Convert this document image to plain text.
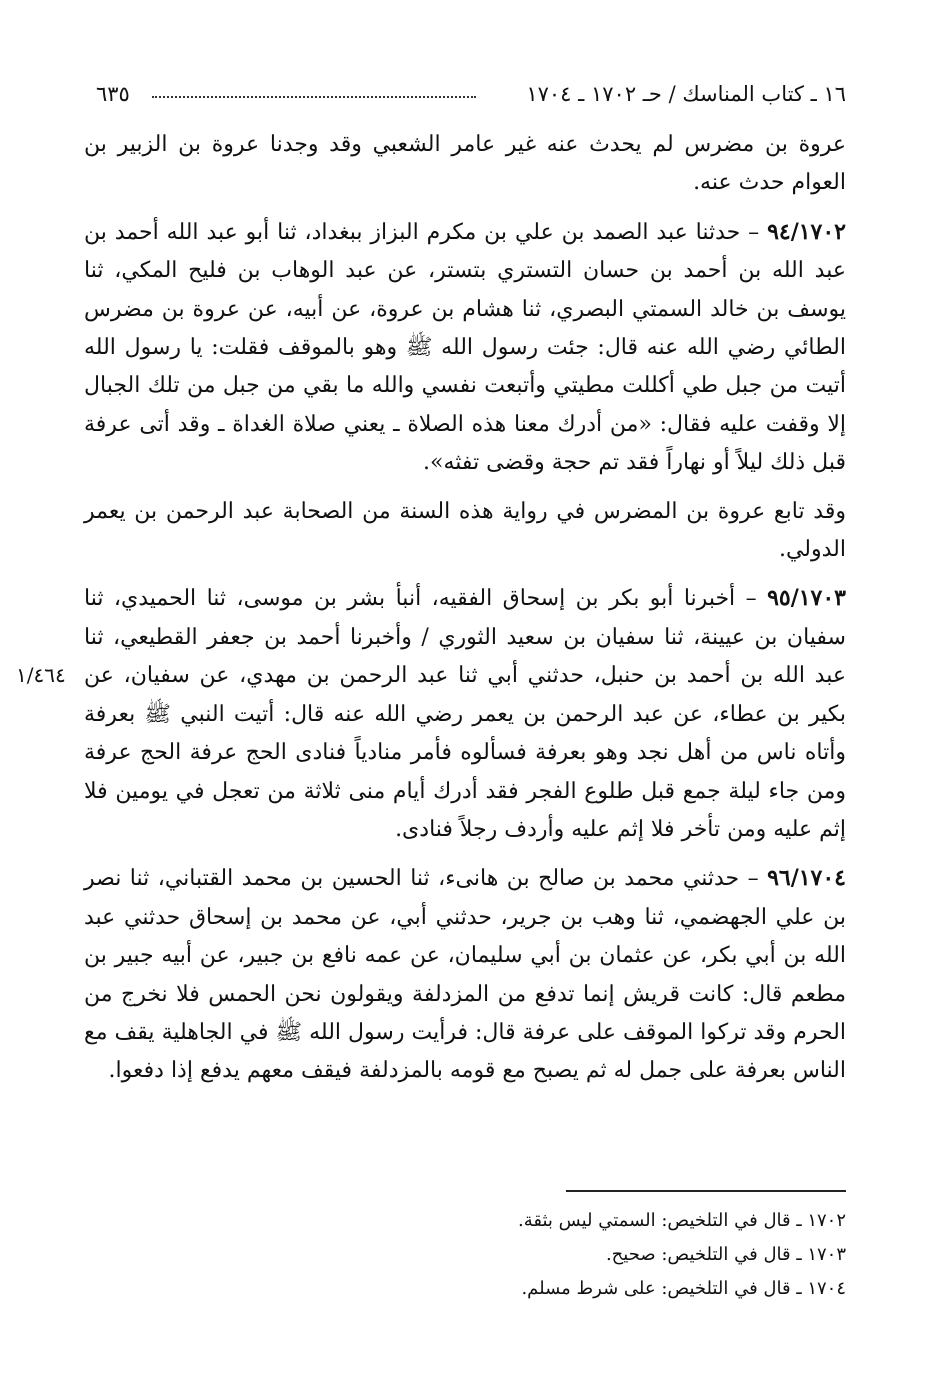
١٦ ـ كتاب المناسك / حـ ١٧٠٢ ـ ١٧٠٤
٦٣٥

عروة بن مضرس لم يحدث عنه غير عامر الشعبي وقد وجدنا عروة بن الزبير بن العوام حدث عنه.

٩٤/١٧٠٢ – حدثنا عبد الصمد بن علي بن مكرم البزاز ببغداد، ثنا أبو عبد الله أحمد بن عبد الله بن أحمد بن حسان التستري بتستر، عن عبد الوهاب بن فليح المكي، ثنا يوسف بن خالد السمتي البصري، ثنا هشام بن عروة، عن أبيه، عن عروة بن مضرس الطائي رضي الله عنه قال: جئت رسول الله ﷺ وهو بالموقف فقلت: يا رسول الله أتيت من جبل طي أكللت مطيتي وأتبعت نفسي والله ما بقي من جبل من تلك الجبال إلا وقفت عليه فقال: «من أدرك معنا هذه الصلاة ـ يعني صلاة الغداة ـ وقد أتى عرفة قبل ذلك ليلاً أو نهاراً فقد تم حجة وقضى تفثه».

وقد تابع عروة بن المضرس في رواية هذه السنة من الصحابة عبد الرحمن بن يعمر الدولي.

٩٥/١٧٠٣ – أخبرنا أبو بكر بن إسحاق الفقيه، أنبأ بشر بن موسى، ثنا الحميدي، ثنا سفيان بن عيينة، ثنا سفيان بن سعيد الثوري / وأخبرنا أحمد بن جعفر القطيعي، ثنا عبد الله بن أحمد بن حنبل، حدثني أبي ثنا عبد الرحمن بن مهدي، عن سفيان، عن بكير بن عطاء، عن عبد الرحمن بن يعمر رضي الله عنه قال: أتيت النبي ﷺ بعرفة وأتاه ناس من أهل نجد وهو بعرفة فسألوه فأمر منادياً فنادى الحج عرفة الحج عرفة ومن جاء ليلة جمع قبل طلوع الفجر فقد أدرك أيام منى ثلاثة من تعجل في يومين فلا إثم عليه ومن تأخر فلا إثم عليه وأردف رجلاً فنادى.

٩٦/١٧٠٤ – حدثني محمد بن صالح بن هانىء، ثنا الحسين بن محمد القتباني، ثنا نصر بن علي الجهضمي، ثنا وهب بن جرير، حدثني أبي، عن محمد بن إسحاق حدثني عبد الله بن أبي بكر، عن عثمان بن أبي سليمان، عن عمه نافع بن جبير، عن أبيه جبير بن مطعم قال: كانت قريش إنما تدفع من المزدلفة ويقولون نحن الحمس فلا نخرج من الحرم وقد تركوا الموقف على عرفة قال: فرأيت رسول الله ﷺ في الجاهلية يقف مع الناس بعرفة على جمل له ثم يصبح مع قومه بالمزدلفة فيقف معهم يدفع إذا دفعوا.

١/٤٦٤
١٧٠٢ ـ قال في التلخيص: السمتي ليس بثقة.
١٧٠٣ ـ قال في التلخيص: صحيح.
١٧٠٤ ـ قال في التلخيص: على شرط مسلم.
